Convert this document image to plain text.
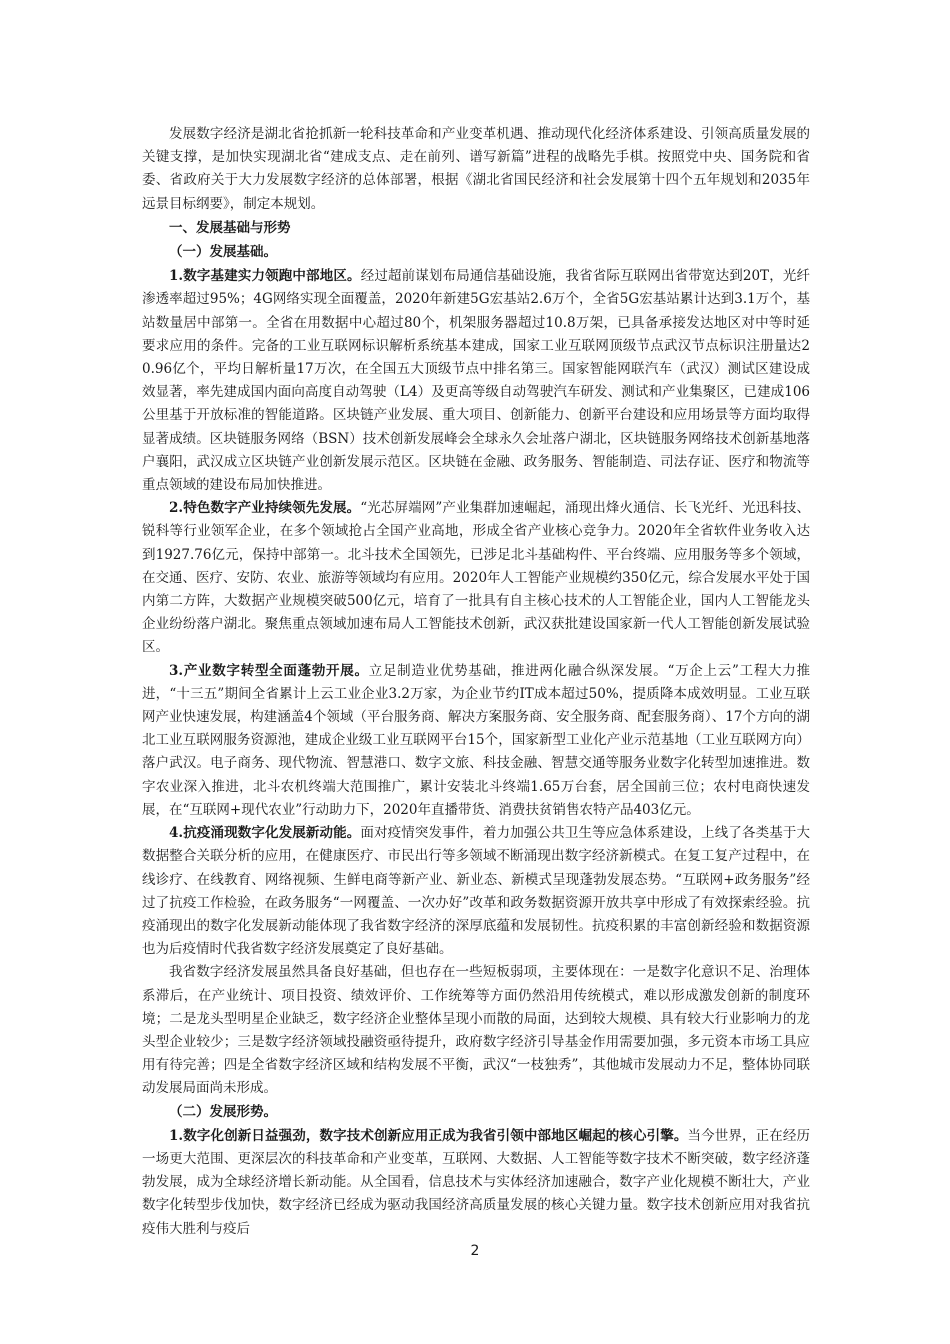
发展数字经济是湖北省抢抓新一轮科技革命和产业变革机遇、推动现代化经济体系建设、引领高质量发展的关键支撑，是加快实现湖北省“建成支点、走在前列、谱写新篇”进程的战略先手棋。按照党中央、国务院和省委、省政府关于大力发展数字经济的总体部署，根据《湖北省国民经济和社会发展第十四个五年规划和2035年远景目标纲要》，制定本规划。

一、发展基础与形势

（一）发展基础。

1.数字基建实力领跑中部地区。经过超前谋划布局通信基础设施，我省省际互联网出省带宽达到20T，光纤渗透率超过95%；4G网络实现全面覆盖，2020年新建5G宏基站2.6万个，全省5G宏基站累计达到3.1万个，基站数量居中部第一。全省在用数据中心超过80个，机架服务器超过10.8万架，已具备承接发达地区对中等时延要求应用的条件。完备的工业互联网标识解析系统基本建成，国家工业互联网顶级节点武汉节点标识注册量达20.96亿个，平均日解析量17万次，在全国五大顶级节点中排名第三。国家智能网联汽车（武汉）测试区建设成效显著，率先建成国内面向高度自动驾驶（L4）及更高等级自动驾驶汽车研发、测试和产业集聚区，已建成106公里基于开放标准的智能道路。区块链产业发展、重大项目、创新能力、创新平台建设和应用场景等方面均取得显著成绩。区块链服务网络（BSN）技术创新发展峰会全球永久会址落户湖北，区块链服务网络技术创新基地落户襄阳，武汉成立区块链产业创新发展示范区。区块链在金融、政务服务、智能制造、司法存证、医疗和物流等重点领域的建设布局加快推进。

2.特色数字产业持续领先发展。“光芯屏端网”产业集群加速崛起，涌现出烽火通信、长飞光纤、光迅科技、锐科等行业领军企业，在多个领域抢占全国产业高地，形成全省产业核心竞争力。2020年全省软件业务收入达到1927.76亿元，保持中部第一。北斗技术全国领先，已涉足北斗基础构件、平台终端、应用服务等多个领域，在交通、医疗、安防、农业、旅游等领域均有应用。2020年人工智能产业规模约350亿元，综合发展水平处于国内第二方阵，大数据产业规模突破500亿元，培育了一批具有自主核心技术的人工智能企业，国内人工智能龙头企业纷纷落户湖北。聚焦重点领域加速布局人工智能技术创新，武汉获批建设国家新一代人工智能创新发展试验区。

3.产业数字转型全面蓬勃开展。立足制造业优势基础，推进两化融合纵深发展。“万企上云”工程大力推进，“十三五”期间全省累计上云工业企业3.2万家，为企业节约IT成本超过50%，提质降本成效明显。工业互联网产业快速发展，构建涵盖4个领域（平台服务商、解决方案服务商、安全服务商、配套服务商）、17个方向的湖北工业互联网服务资源池，建成企业级工业互联网平台15个，国家新型工业化产业示范基地（工业互联网方向）落户武汉。电子商务、现代物流、智慧港口、数字文旅、科技金融、智慧交通等服务业数字化转型加速推进。数字农业深入推进，北斗农机终端大范围推广，累计安装北斗终端1.65万台套，居全国前三位；农村电商快速发展，在“互联网+现代农业”行动助力下，2020年直播带货、消费扶贫销售农特产品403亿元。

4.抗疫涌现数字化发展新动能。面对疫情突发事件，着力加强公共卫生等应急体系建设，上线了各类基于大数据整合关联分析的应用，在健康医疗、市民出行等多领域不断涌现出数字经济新模式。在复工复产过程中，在线诊疗、在线教育、网络视频、生鲜电商等新产业、新业态、新模式呈现蓬勃发展态势。“互联网+政务服务”经过了抗疫工作检验，在政务服务“一网覆盖、一次办好”改革和政务数据资源开放共享中形成了有效探索经验。抗疫涌现出的数字化发展新动能体现了我省数字经济的深厚底蕴和发展韧性。抗疫积累的丰富创新经验和数据资源也为后疫情时代我省数字经济发展奠定了良好基础。

我省数字经济发展虽然具备良好基础，但也存在一些短板弱项，主要体现在：一是数字化意识不足、治理体系滞后，在产业统计、项目投资、绩效评价、工作统筹等方面仍然沿用传统模式，难以形成激发创新的制度环境；二是龙头型明星企业缺乏，数字经济企业整体呈现小而散的局面，达到较大规模、具有较大行业影响力的龙头型企业较少；三是数字经济领域投融资亟待提升，政府数字经济引导基金作用需要加强，多元资本市场工具应用有待完善；四是全省数字经济区域和结构发展不平衡，武汉“一枝独秀”，其他城市发展动力不足，整体协同联动发展局面尚未形成。

（二）发展形势。

1.数字化创新日益强劲，数字技术创新应用正成为我省引领中部地区崛起的核心引擎。当今世界，正在经历一场更大范围、更深层次的科技革命和产业变革，互联网、大数据、人工智能等数字技术不断突破，数字经济蓬勃发展，成为全球经济增长新动能。从全国看，信息技术与实体经济加速融合，数字产业化规模不断壮大，产业数字化转型步伐加快，数字经济已经成为驱动我国经济高质量发展的核心关键力量。数字技术创新应用对我省抗疫伟大胜利与疫后

2
